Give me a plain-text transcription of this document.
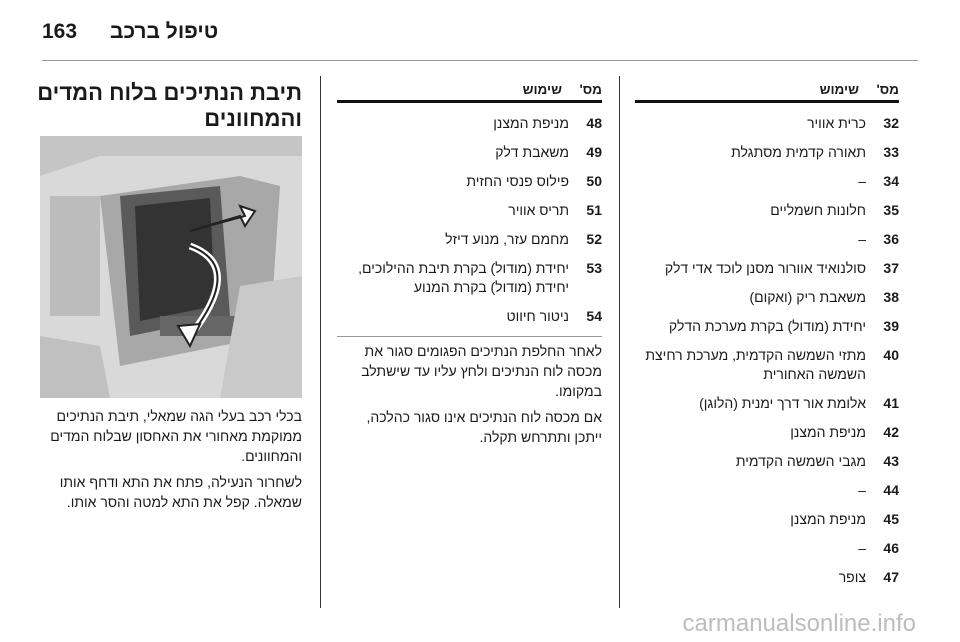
163 טיפול ברכב
מס'
שימוש
32
כרית אוויר
33
תאורה קדמית מסתגלת
34
–
35
חלונות חשמליים
36
–
37
סולנואיד אוורור מסנן לוכד אדי דלק
38
משאבת ריק (ואקום)
39
יחידת (מודול) בקרת מערכת הדלק
40
מתזי השמשה הקדמית, מערכת רחיצת השמשה האחורית
41
אלומת אור דרך ימנית (הלוגן)
42
מניפת המצנן
43
מגבי השמשה הקדמית
44
–
45
מניפת המצנן
46
–
47
צופר
מס'
שימוש
48
מניפת המצנן
49
משאבת דלק
50
פילוס פנסי החזית
51
תריס אוויר
52
מחמם עזר, מנוע דיזל
53
יחידת (מודול) בקרת תיבת ההילוכים, יחידת (מודול) בקרת המנוע
54
ניטור חיווט
לאחר החלפת הנתיכים הפגומים סגור את מכסה לוח הנתיכים ולחץ עליו עד שישתלב במקומו.
אם מכסה לוח הנתיכים אינו סגור כהלכה, ייתכן ותתרחש תקלה.
תיבת הנתיכים בלוח המדים והמחוונים

בכלי רכב בעלי הגה שמאלי, תיבת הנתיכים ממוקמת מאחורי את האחסון שבלוח המדים והמחוונים.

לשחרור הנעילה, פתח את התא ודחף אותו שמאלה. קפל את התא למטה והסר אותו.

carmanualsonline.info
